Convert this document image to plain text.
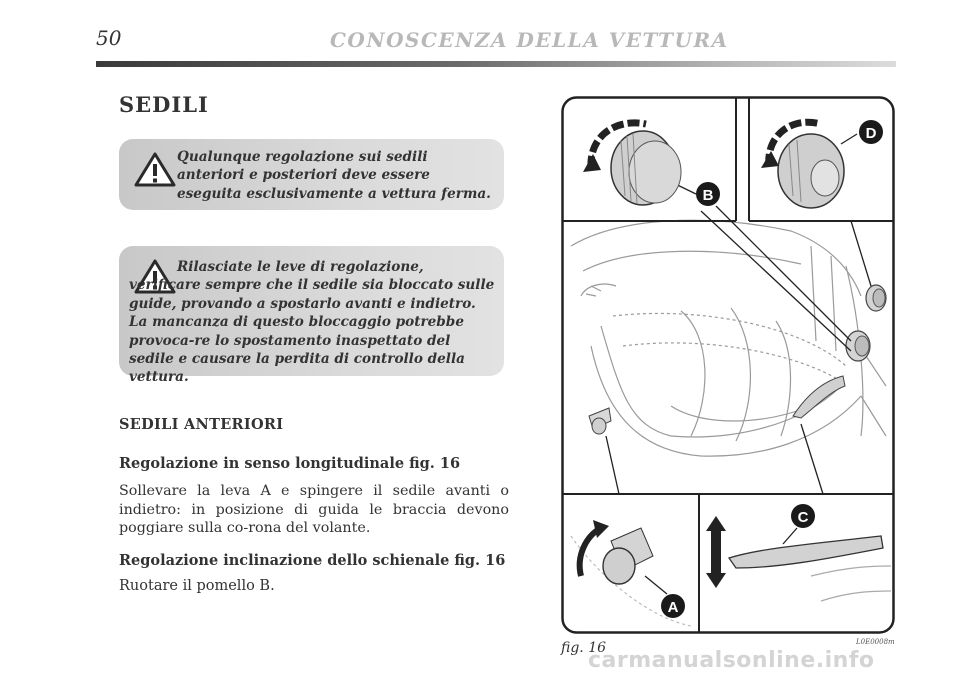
50	CONOSCENZA DELLA VETTURA
SEDILI
Qualunque regolazione sui sedili anteriori e posteriori deve essere eseguita esclusivamente a vettura ferma.
Rilasciate le leve di regolazione, verificare sempre che il sedile sia bloccato sulle guide, provando a spostarlo avanti e indietro. La mancanza di questo bloccaggio potrebbe provoca-re lo spostamento inaspettato del sedile e causare la perdita di controllo della vettura.
SEDILI ANTERIORI
Regolazione in senso longitudinale fig. 16
Sollevare la leva A e spingere il sedile avanti o indietro: in posizione di guida le braccia devono poggiare sulla co-rona del volante.
Regolazione inclinazione dello schienale fig. 16
Ruotare il pomello B.
B
D
A
C
fig. 16	L0E0008m
carmanualsonline.info
